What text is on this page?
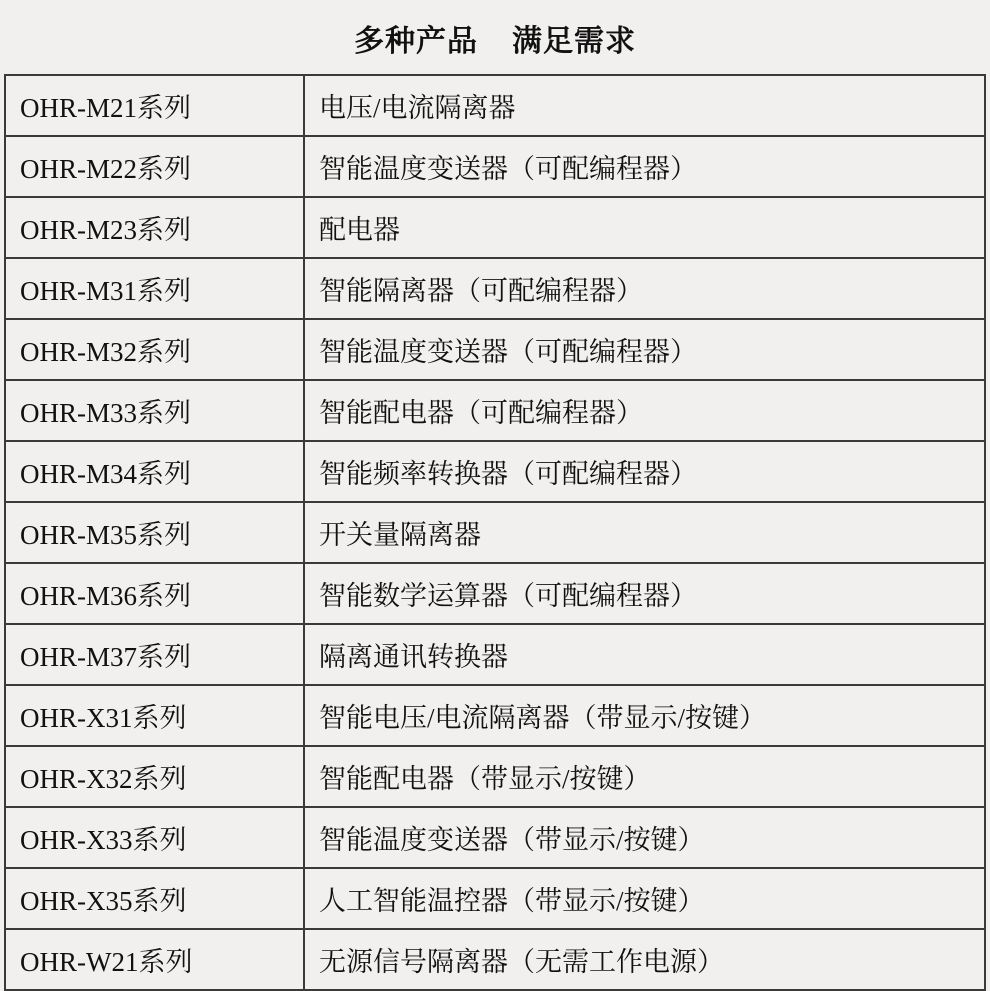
多种产品    满足需求
OHR-M21系列	电压/电流隔离器
OHR-M22系列	智能温度变送器（可配编程器）
OHR-M23系列	配电器
OHR-M31系列	智能隔离器（可配编程器）
OHR-M32系列	智能温度变送器（可配编程器）
OHR-M33系列	智能配电器（可配编程器）
OHR-M34系列	智能频率转换器（可配编程器）
OHR-M35系列	开关量隔离器
OHR-M36系列	智能数学运算器（可配编程器）
OHR-M37系列	隔离通讯转换器
OHR-X31系列	智能电压/电流隔离器（带显示/按键）
OHR-X32系列	智能配电器（带显示/按键）
OHR-X33系列	智能温度变送器（带显示/按键）
OHR-X35系列	人工智能温控器（带显示/按键）
OHR-W21系列	无源信号隔离器（无需工作电源）
